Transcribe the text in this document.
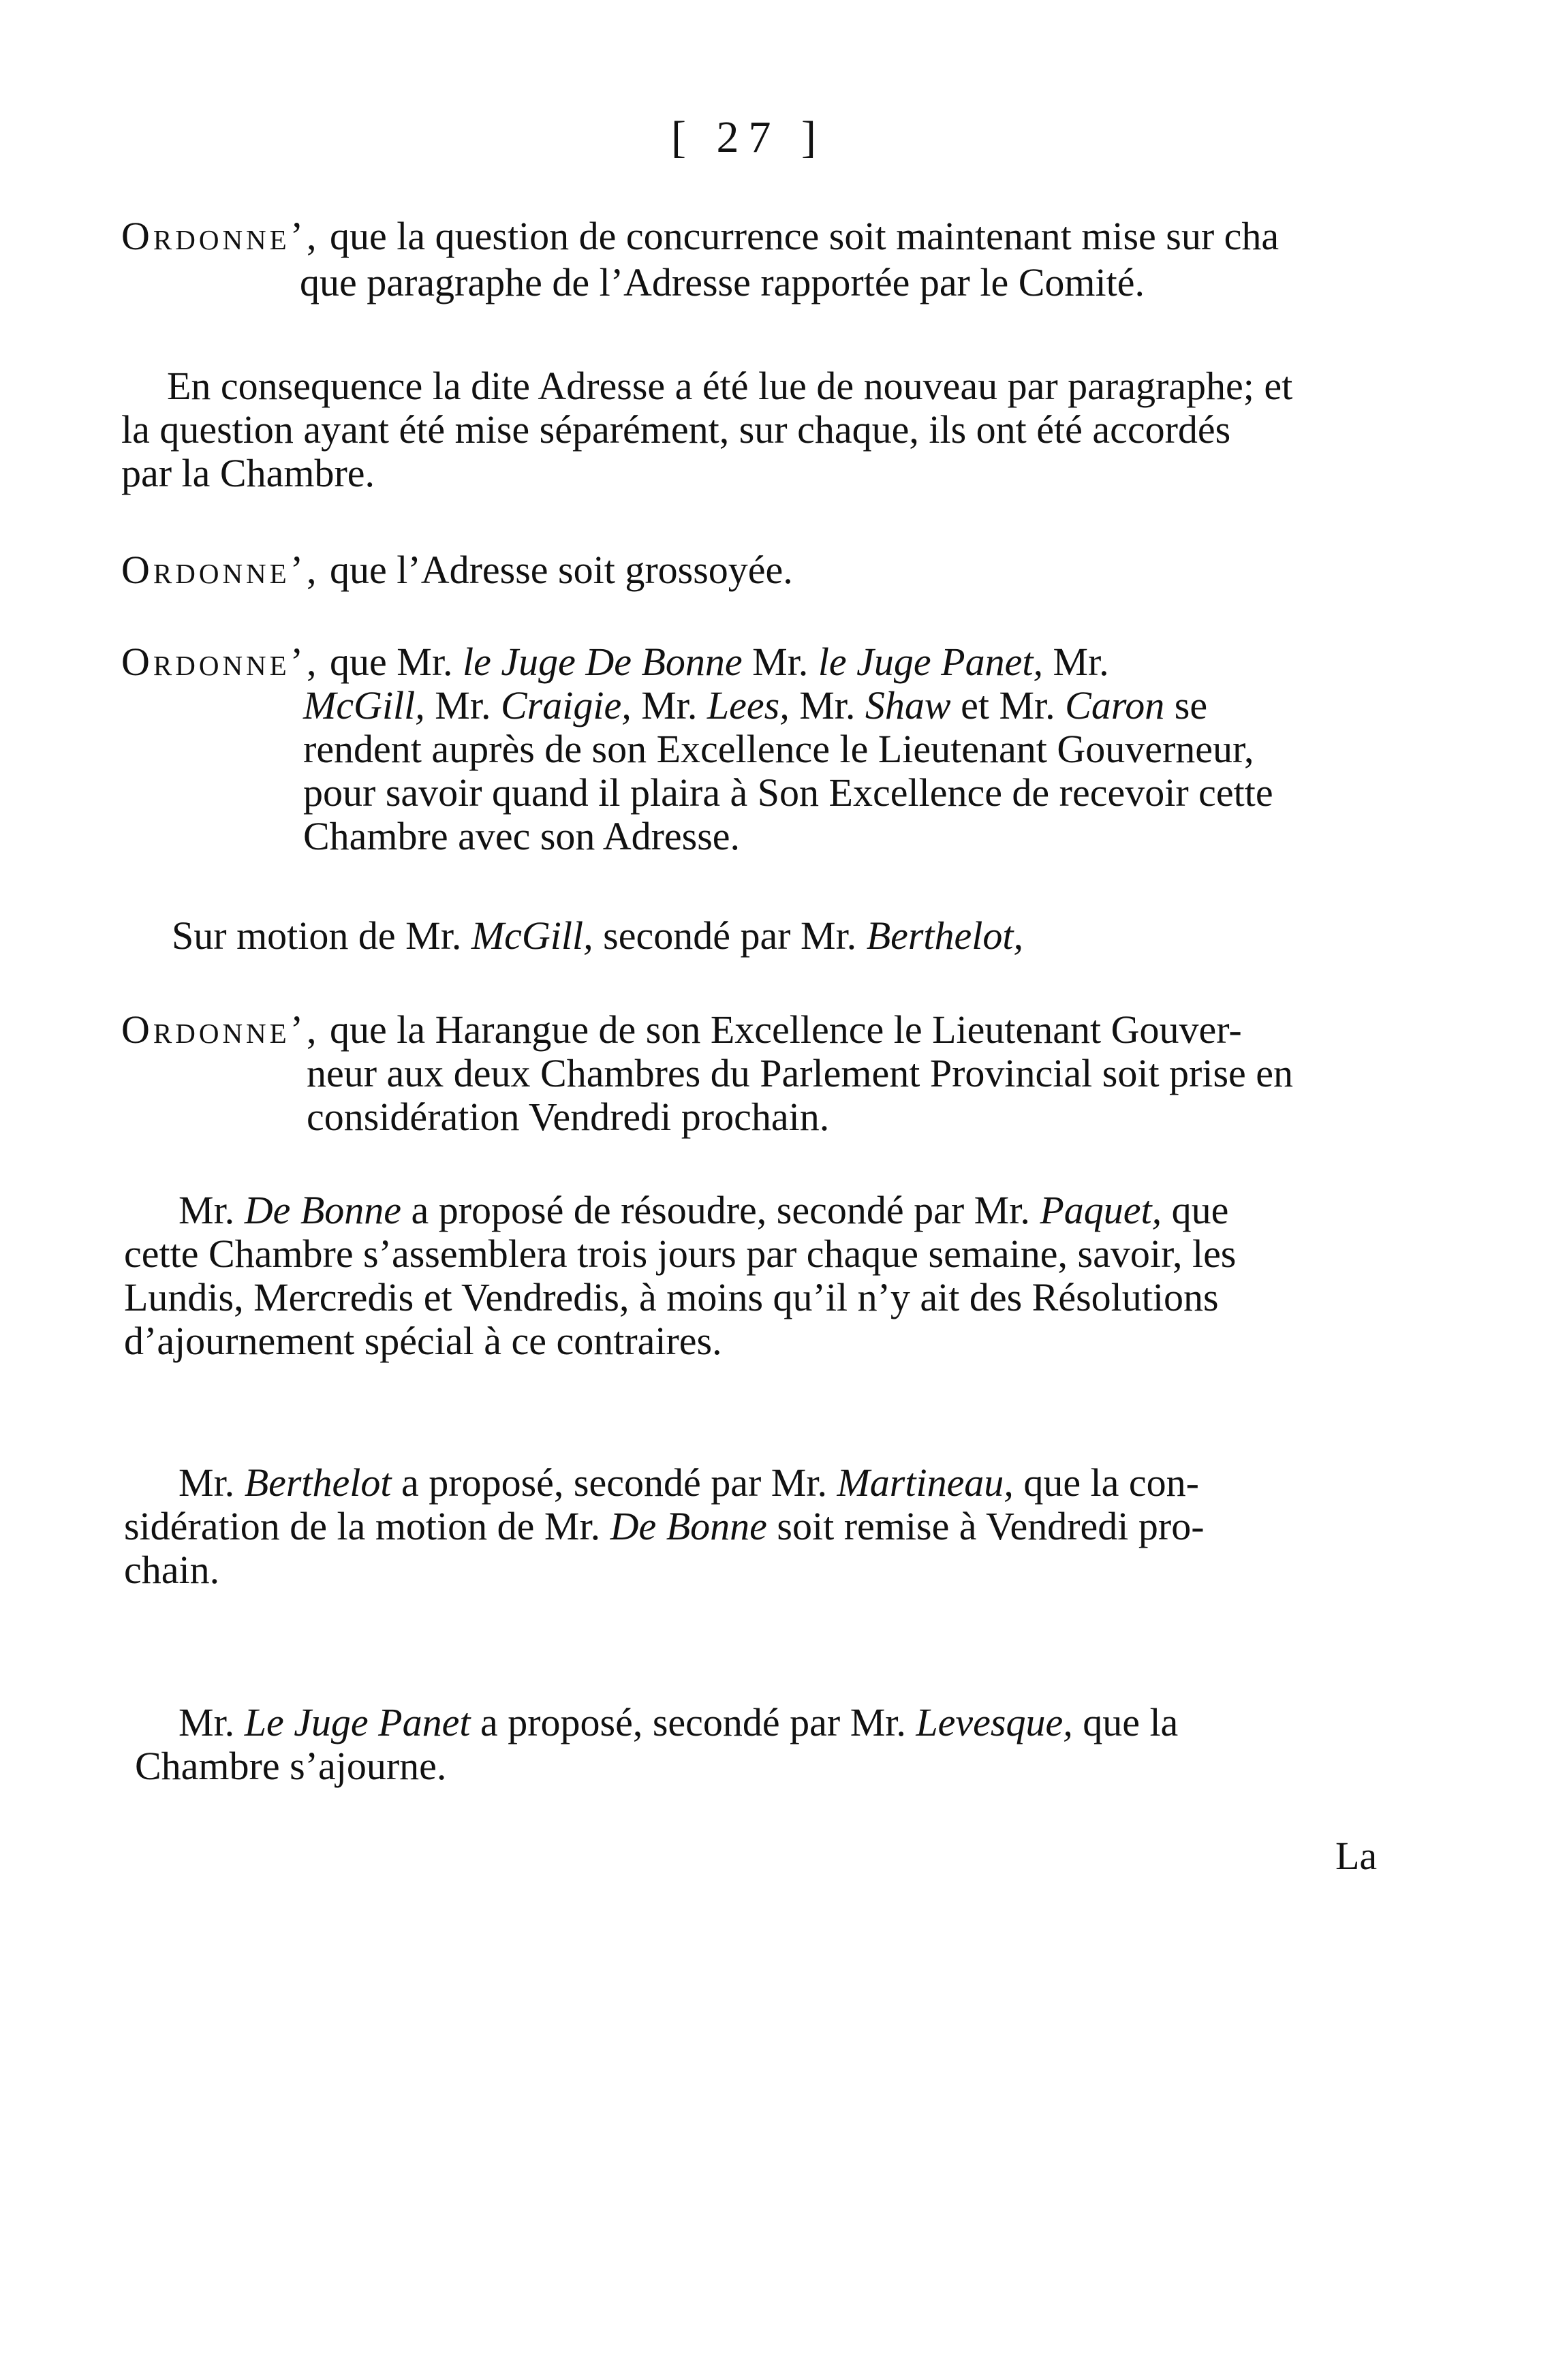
[ 27 ]
Ordonne’, que la question de concurrence soit maintenant mise sur cha
que paragraphe de l’Adresse rapportée par le Comité.
En consequence la dite Adresse a été lue de nouveau par paragraphe; et
la question ayant été mise séparément, sur chaque, ils ont été accordés
par la Chambre.
Ordonne’, que l’Adresse soit grossoyée.
Ordonne’, que Mr. le Juge De Bonne Mr. le Juge Panet, Mr.
McGill, Mr. Craigie, Mr. Lees, Mr. Shaw et Mr. Caron se
rendent auprès de son Excellence le Lieutenant Gouverneur,
pour savoir quand il plaira à Son Excellence de recevoir cette
Chambre avec son Adresse.
Sur motion de Mr. McGill, secondé par Mr. Berthelot,
Ordonne’, que la Harangue de son Excellence le Lieutenant Gouver-
neur aux deux Chambres du Parlement Provincial soit prise en
considération Vendredi prochain.
Mr. De Bonne a proposé de résoudre, secondé par Mr. Paquet, que
cette Chambre s’assemblera trois jours par chaque semaine, savoir, les
Lundis, Mercredis et Vendredis, à moins qu’il n’y ait des Résolutions
d’ajournement spécial à ce contraires.
Mr. Berthelot a proposé, secondé par Mr. Martineau, que la con-
sidération de la motion de Mr. De Bonne soit remise à Vendredi pro-
chain.
Mr. Le Juge Panet a proposé, secondé par Mr. Levesque, que la
Chambre s’ajourne.
La
